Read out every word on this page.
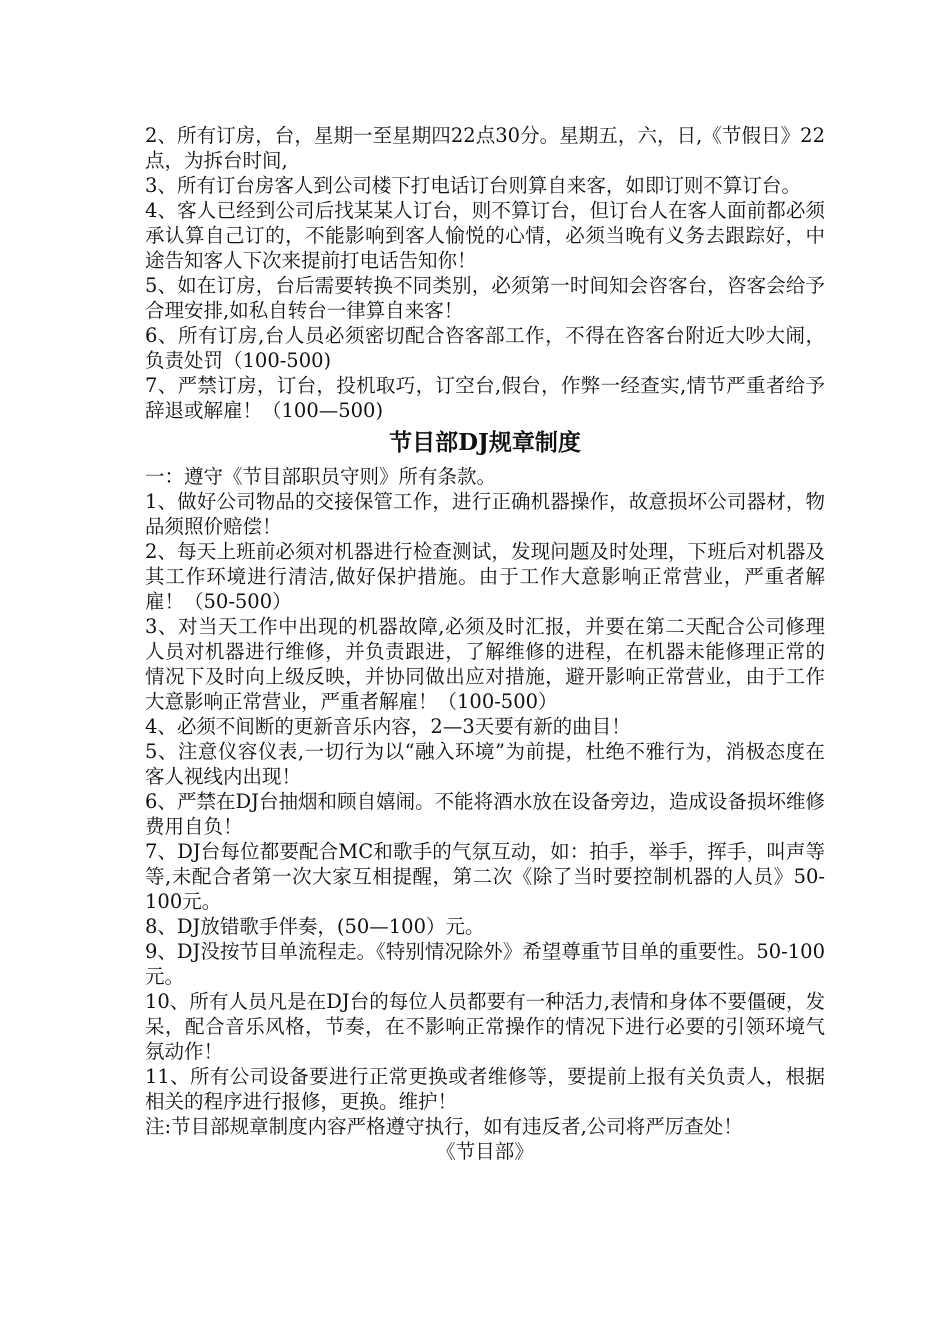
2、所有订房，台，星期一至星期四22点30分。星期五，六，日,《节假日》22点，为拆台时间,

3、所有订台房客人到公司楼下打电话订台则算自来客，如即订则不算订台。

4、客人已经到公司后找某某人订台，则不算订台，但订台人在客人面前都必须承认算自己订的，不能影响到客人愉悦的心情，必须当晚有义务去跟踪好，中途告知客人下次来提前打电话告知你！

5、如在订房，台后需要转换不同类别，必须第一时间知会咨客台，咨客会给予合理安排,如私自转台一律算自来客！

6、所有订房,台人员必须密切配合咨客部工作，不得在咨客台附近大吵大闹，负责处罚（100-500)

7、严禁订房，订台，投机取巧，订空台,假台，作弊一经查实,情节严重者给予辞退或解雇！（100—500)

节目部DJ规章制度

一：遵守《节目部职员守则》所有条款。

1、做好公司物品的交接保管工作，进行正确机器操作，故意损坏公司器材，物品须照价赔偿！

2、每天上班前必须对机器进行检查测试，发现问题及时处理，下班后对机器及其工作环境进行清洁,做好保护措施。由于工作大意影响正常营业，严重者解雇！（50-500）

3、对当天工作中出现的机器故障,必须及时汇报，并要在第二天配合公司修理人员对机器进行维修，并负责跟进，了解维修的进程，在机器未能修理正常的情况下及时向上级反映，并协同做出应对措施，避开影响正常营业，由于工作大意影响正常营业，严重者解雇！（100-500）

4、必须不间断的更新音乐内容，2—3天要有新的曲目！

5、注意仪容仪表,一切行为以“融入环境”为前提，杜绝不雅行为，消极态度在客人视线内出现！

6、严禁在DJ台抽烟和顾自嬉闹。不能将酒水放在设备旁边，造成设备损坏维修费用自负！

7、DJ台每位都要配合MC和歌手的气氛互动，如：拍手，举手，挥手，叫声等等,未配合者第一次大家互相提醒，第二次《除了当时要控制机器的人员》50-100元。

8、DJ放错歌手伴奏，(50—100）元。

9、DJ没按节目单流程走。《特别情况除外》希望尊重节目单的重要性。50-100元。

10、所有人员凡是在DJ台的每位人员都要有一种活力,表情和身体不要僵硬，发呆，配合音乐风格，节奏，在不影响正常操作的情况下进行必要的引领环境气氛动作！

11、所有公司设备要进行正常更换或者维修等，要提前上报有关负责人，根据相关的程序进行报修，更换。维护！

注:节目部规章制度内容严格遵守执行，如有违反者,公司将严厉查处！

《节目部》
